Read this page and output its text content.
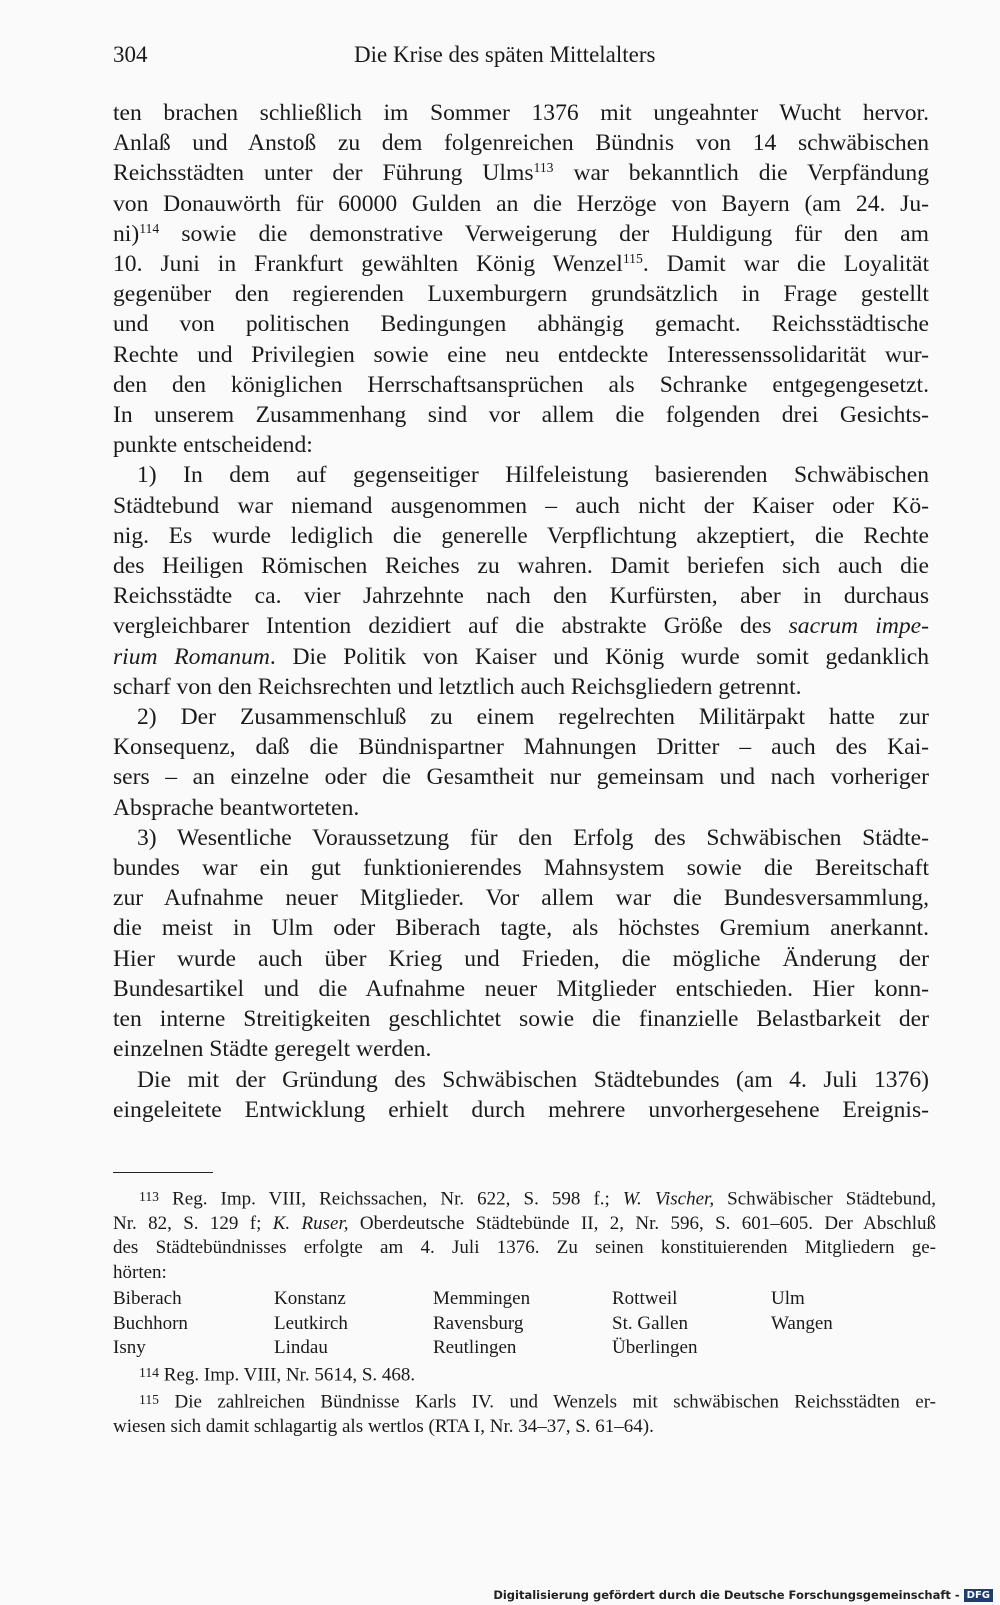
304	Die Krise des späten Mittelalters

ten brachen schließlich im Sommer 1376 mit ungeahnter Wucht hervor.
Anlaß und Anstoß zu dem folgenreichen Bündnis von 14 schwäbischen
Reichsstädten unter der Führung Ulms$^{113}$ war bekanntlich die Verpfändung
von Donauwörth für 60000 Gulden an die Herzöge von Bayern (am 24. Ju-
ni)$^{114}$ sowie die demonstrative Verweigerung der Huldigung für den am
10. Juni in Frankfurt gewählten König Wenzel$^{115}$. Damit war die Loyalität
gegenüber den regierenden Luxemburgern grundsätzlich in Frage gestellt
und von politischen Bedingungen abhängig gemacht. Reichsstädtische
Rechte und Privilegien sowie eine neu entdeckte Interessenssolidarität wur-
den den königlichen Herrschaftsansprüchen als Schranke entgegengesetzt.
In unserem Zusammenhang sind vor allem die folgenden drei Gesichts-
punkte entscheidend:

1) In dem auf gegenseitiger Hilfeleistung basierenden Schwäbischen
Städtebund war niemand ausgenommen – auch nicht der Kaiser oder Kö-
nig. Es wurde lediglich die generelle Verpflichtung akzeptiert, die Rechte
des Heiligen Römischen Reiches zu wahren. Damit beriefen sich auch die
Reichsstädte ca. vier Jahrzehnte nach den Kurfürsten, aber in durchaus
vergleichbarer Intention dezidiert auf die abstrakte Größe des sacrum impe-
rium Romanum. Die Politik von Kaiser und König wurde somit gedanklich
scharf von den Reichsrechten und letztlich auch Reichsgliedern getrennt.

2) Der Zusammenschluß zu einem regelrechten Militärpakt hatte zur
Konsequenz, daß die Bündnispartner Mahnungen Dritter – auch des Kai-
sers – an einzelne oder die Gesamtheit nur gemeinsam und nach vorheriger
Absprache beantworteten.

3) Wesentliche Voraussetzung für den Erfolg des Schwäbischen Städte-
bundes war ein gut funktionierendes Mahnsystem sowie die Bereitschaft
zur Aufnahme neuer Mitglieder. Vor allem war die Bundesversammlung,
die meist in Ulm oder Biberach tagte, als höchstes Gremium anerkannt.
Hier wurde auch über Krieg und Frieden, die mögliche Änderung der
Bundesartikel und die Aufnahme neuer Mitglieder entschieden. Hier konn-
ten interne Streitigkeiten geschlichtet sowie die finanzielle Belastbarkeit der
einzelnen Städte geregelt werden.

Die mit der Gründung des Schwäbischen Städtebundes (am 4. Juli 1376)
eingeleitete Entwicklung erhielt durch mehrere unvorhergesehene Ereignis-

113 Reg. Imp. VIII, Reichssachen, Nr. 622, S. 598 f.; W. Vischer, Schwäbischer Städtebund,
Nr. 82, S. 129 f; K. Ruser, Oberdeutsche Städtebünde II, 2, Nr. 596, S. 601–605. Der Abschluß
des Städtebündnisses erfolgte am 4. Juli 1376. Zu seinen konstituierenden Mitgliedern ge-
hörten:

Biberach	Konstanz	Memmingen	Rottweil	Ulm
Buchhorn	Leutkirch	Ravensburg	St. Gallen	Wangen
Isny	Lindau	Reutlingen	Überlingen

114 Reg. Imp. VIII, Nr. 5614, S. 468.

115 Die zahlreichen Bündnisse Karls IV. und Wenzels mit schwäbischen Reichsstädten er-
wiesen sich damit schlagartig als wertlos (RTA I, Nr. 34–37, S. 61–64).

Digitalisierung gefördert durch die Deutsche Forschungsgemeinschaft - DFG
